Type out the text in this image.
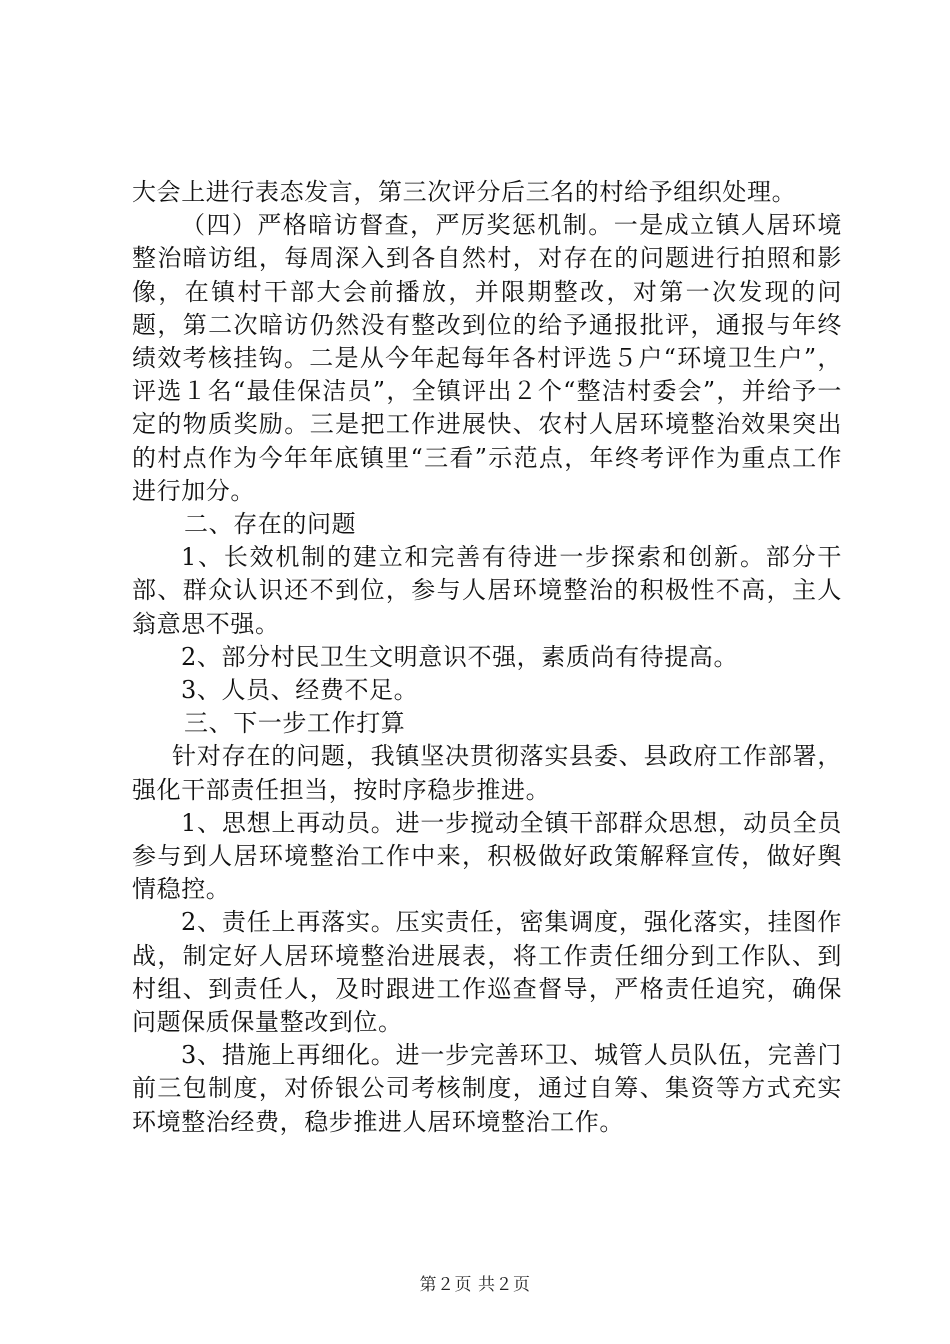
大会上进行表态发言，第三次评分后三名的村给予组织处理。

（四）严格暗访督查，严厉奖惩机制。一是成立镇人居环境整治暗访组，每周深入到各自然村，对存在的问题进行拍照和影像，在镇村干部大会前播放，并限期整改，对第一次发现的问题，第二次暗访仍然没有整改到位的给予通报批评，通报与年终绩效考核挂钩。二是从今年起每年各村评选５户“环境卫生户”，评选１名“最佳保洁员”，全镇评出２个“整洁村委会”，并给予一定的物质奖励。三是把工作进展快、农村人居环境整治效果突出的村点作为今年年底镇里“三看”示范点，年终考评作为重点工作进行加分。

二、存在的问题

1、长效机制的建立和完善有待进一步探索和创新。部分干部、群众认识还不到位，参与人居环境整治的积极性不高，主人翁意思不强。

2、部分村民卫生文明意识不强，素质尚有待提高。

3、人员、经费不足。

三、下一步工作打算

针对存在的问题，我镇坚决贯彻落实县委、县政府工作部署，强化干部责任担当，按时序稳步推进。

1、思想上再动员。进一步搅动全镇干部群众思想，动员全员参与到人居环境整治工作中来，积极做好政策解释宣传，做好舆情稳控。

2、责任上再落实。压实责任，密集调度，强化落实，挂图作战，制定好人居环境整治进展表，将工作责任细分到工作队、到村组、到责任人，及时跟进工作巡查督导，严格责任追究，确保问题保质保量整改到位。

3、措施上再细化。进一步完善环卫、城管人员队伍，完善门前三包制度，对侨银公司考核制度，通过自筹、集资等方式充实环境整治经费，稳步推进人居环境整治工作。

第２页 共２页
